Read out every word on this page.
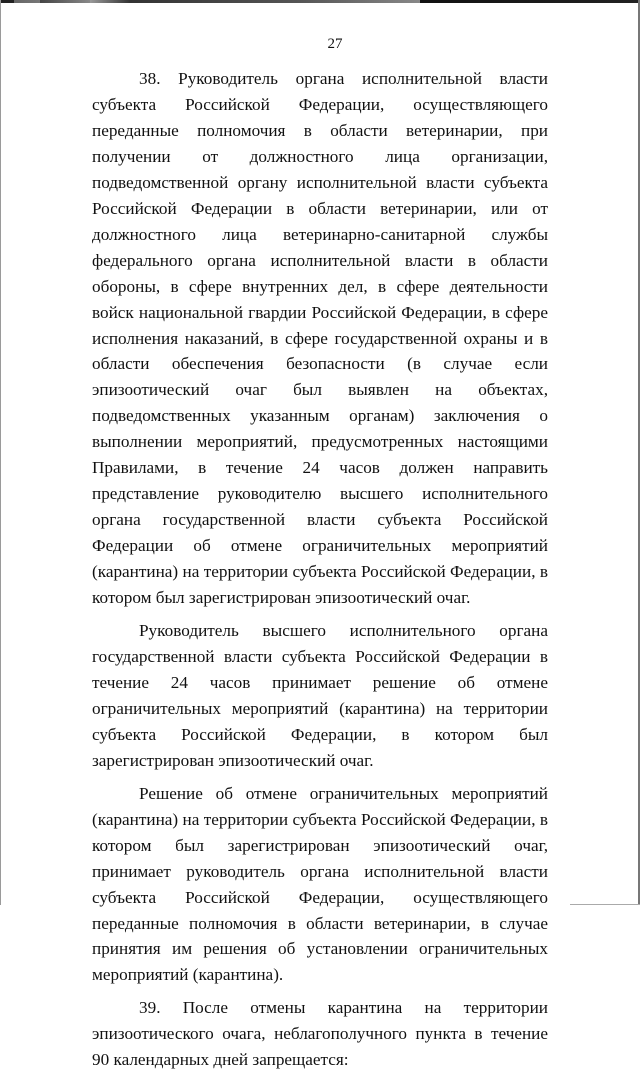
27

38. Руководитель органа исполнительной власти субъекта Российской Федерации, осуществляющего переданные полномочия в области ветеринарии, при получении от должностного лица организации, подведомственной органу исполнительной власти субъекта Российской Федерации в области ветеринарии, или от должностного лица ветеринарно-санитарной службы федерального органа исполнительной власти в области обороны, в сфере внутренних дел, в сфере деятельности войск национальной гвардии Российской Федерации, в сфере исполнения наказаний, в сфере государственной охраны и в области обеспечения безопасности (в случае если эпизоотический очаг был выявлен на объектах, подведомственных указанным органам) заключения о выполнении мероприятий, предусмотренных настоящими Правилами, в течение 24 часов должен направить представление руководителю высшего исполнительного органа государственной власти субъекта Российской Федерации об отмене ограничительных мероприятий (карантина) на территории субъекта Российской Федерации, в котором был зарегистрирован эпизоотический очаг.

Руководитель высшего исполнительного органа государственной власти субъекта Российской Федерации в течение 24 часов принимает решение об отмене ограничительных мероприятий (карантина) на территории субъекта Российской Федерации, в котором был зарегистрирован эпизоотический очаг.

Решение об отмене ограничительных мероприятий (карантина) на территории субъекта Российской Федерации, в котором был зарегистрирован эпизоотический очаг, принимает руководитель органа исполнительной власти субъекта Российской Федерации, осуществляющего переданные полномочия в области ветеринарии, в случае принятия им решения об установлении ограничительных мероприятий (карантина).

39. После отмены карантина на территории эпизоотического очага, неблагополучного пункта в течение 90 календарных дней запрещается:
